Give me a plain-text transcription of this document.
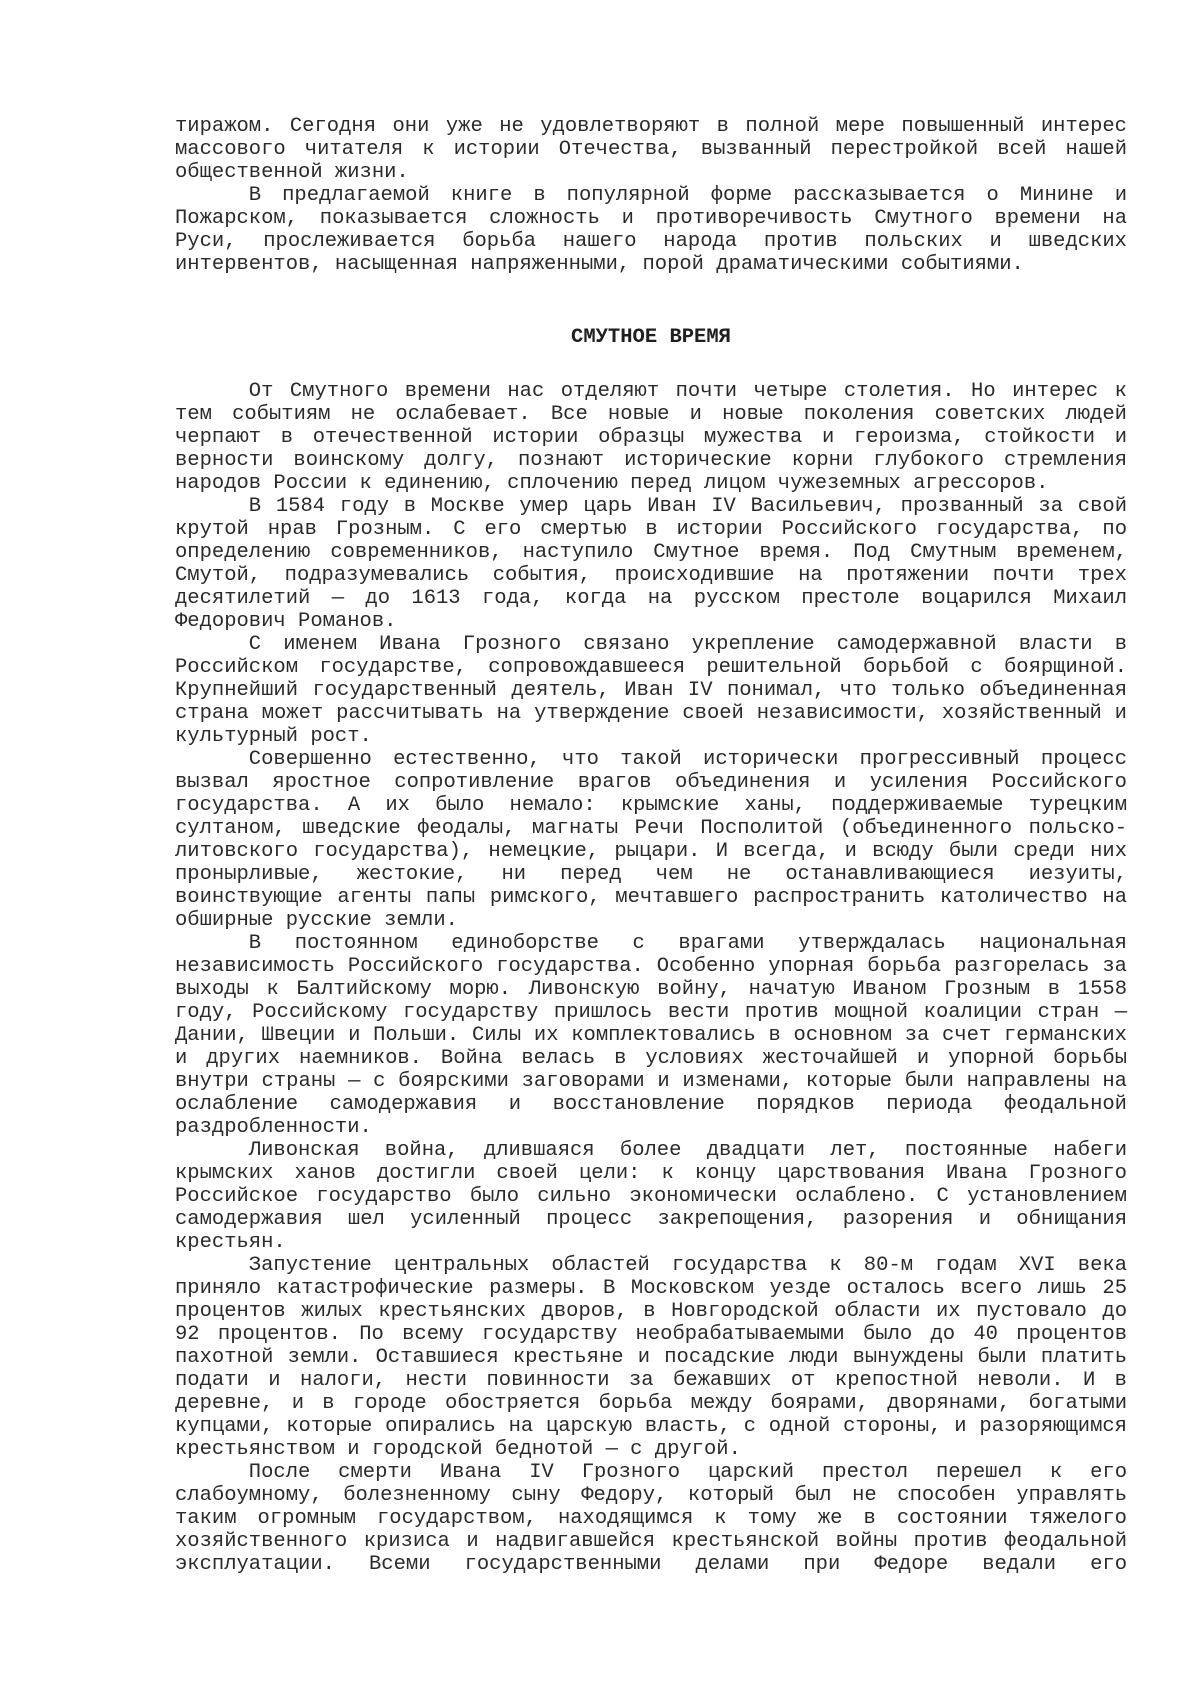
тиражом. Сегодня они уже не удовлетворяют в полной мере повышенный интерес массового читателя к истории Отечества, вызванный перестройкой всей нашей общественной жизни.

В предлагаемой книге в популярной форме рассказывается о Минине и Пожарском, показывается сложность и противоречивость Смутного времени на Руси, прослеживается борьба нашего народа против польских и шведских интервентов, насыщенная напряженными, порой драматическими событиями.

СМУТНОЕ ВРЕМЯ

От Смутного времени нас отделяют почти четыре столетия. Но интерес к тем событиям не ослабевает. Все новые и новые поколения советских людей черпают в отечественной истории образцы мужества и героизма, стойкости и верности воинскому долгу, познают исторические корни глубокого стремления народов России к единению, сплочению перед лицом чужеземных агрессоров.

В 1584 году в Москве умер царь Иван IV Васильевич, прозванный за свой крутой нрав Грозным. С его смертью в истории Российского государства, по определению современников, наступило Смутное время. Под Смутным временем, Смутой, подразумевались события, происходившие на протяжении почти трех десятилетий — до 1613 года, когда на русском престоле воцарился Михаил Федорович Романов.

С именем Ивана Грозного связано укрепление самодержавной власти в Российском государстве, сопровождавшееся решительной борьбой с боярщиной. Крупнейший государственный деятель, Иван IV понимал, что только объединенная страна может рассчитывать на утверждение своей независимости, хозяйственный и культурный рост.

Совершенно естественно, что такой исторически прогрессивный процесс вызвал яростное сопротивление врагов объединения и усиления Российского государства. А их было немало: крымские ханы, поддерживаемые турецким султаном, шведские феодалы, магнаты Речи Посполитой (объединенного польско-литовского государства), немецкие, рыцари. И всегда, и всюду были среди них пронырливые, жестокие, ни перед чем не останавливающиеся иезуиты, воинствующие агенты папы римского, мечтавшего распространить католичество на обширные русские земли.

В постоянном единоборстве с врагами утверждалась национальная независимость Российского государства. Особенно упорная борьба разгорелась за выходы к Балтийскому морю. Ливонскую войну, начатую Иваном Грозным в 1558 году, Российскому государству пришлось вести против мощной коалиции стран — Дании, Швеции и Польши. Силы их комплектовались в основном за счет германских и других наемников. Война велась в условиях жесточайшей и упорной борьбы внутри страны — с боярскими заговорами и изменами, которые были направлены на ослабление самодержавия и восстановление порядков периода феодальной раздробленности.

Ливонская война, длившаяся более двадцати лет, постоянные набеги крымских ханов достигли своей цели: к концу царствования Ивана Грозного Российское государство было сильно экономически ослаблено. С установлением самодержавия шел усиленный процесс закрепощения, разорения и обнищания крестьян.

Запустение центральных областей государства к 80-м годам XVI века приняло катастрофические размеры. В Московском уезде осталось всего лишь 25 процентов жилых крестьянских дворов, в Новгородской области их пустовало до 92 процентов. По всему государству необрабатываемыми было до 40 процентов пахотной земли. Оставшиеся крестьяне и посадские люди вынуждены были платить подати и налоги, нести повинности за бежавших от крепостной неволи. И в деревне, и в городе обостряется борьба между боярами, дворянами, богатыми купцами, которые опирались на царскую власть, с одной стороны, и разоряющимся крестьянством и городской беднотой — с другой.

После смерти Ивана IV Грозного царский престол перешел к его слабоумному, болезненному сыну Федору, который был не способен управлять таким огромным государством, находящимся к тому же в состоянии тяжелого хозяйственного кризиса и надвигавшейся крестьянской войны против феодальной эксплуатации. Всеми государственными делами при Федоре ведали его
